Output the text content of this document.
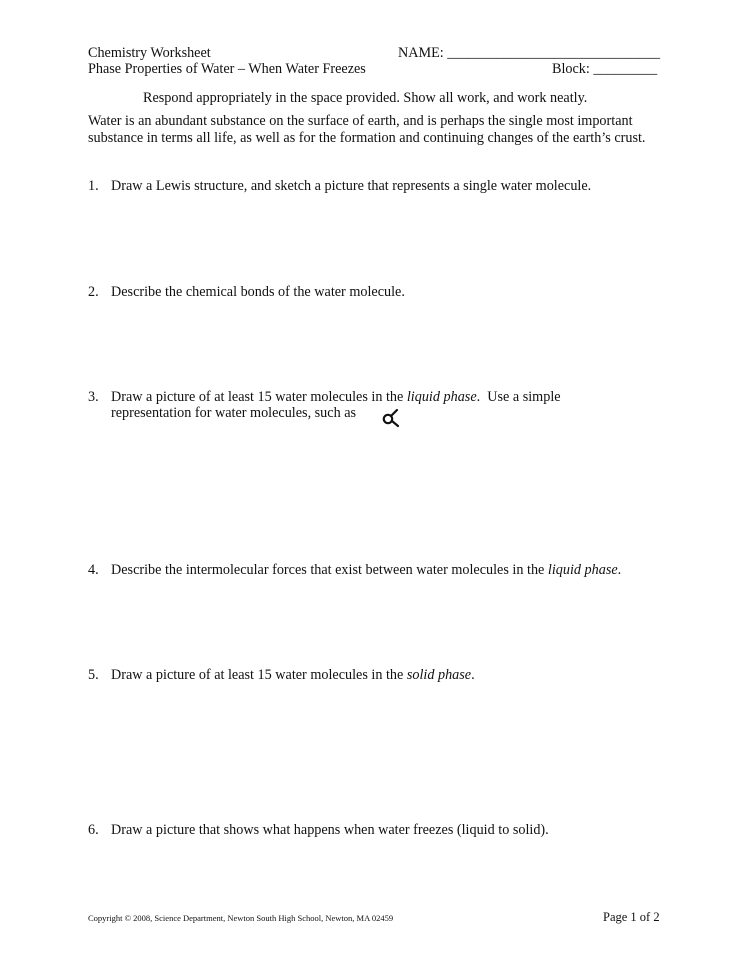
Chemistry Worksheet
Phase Properties of Water – When Water Freezes
NAME: ______________________________
Block: _________
Respond appropriately in the space provided. Show all work, and work neatly.
Water is an abundant substance on the surface of earth, and is perhaps the single most important substance in terms all life, as well as for the formation and continuing changes of the earth’s crust.
1. Draw a Lewis structure, and sketch a picture that represents a single water molecule.
2. Describe the chemical bonds of the water molecule.
3. Draw a picture of at least 15 water molecules in the liquid phase.  Use a simple
representation for water molecules, such as
4. Describe the intermolecular forces that exist between water molecules in the liquid phase.
5. Draw a picture of at least 15 water molecules in the solid phase.
6. Draw a picture that shows what happens when water freezes (liquid to solid).
Copyright © 2008, Science Department, Newton South High School, Newton, MA 02459	Page 1 of 2
